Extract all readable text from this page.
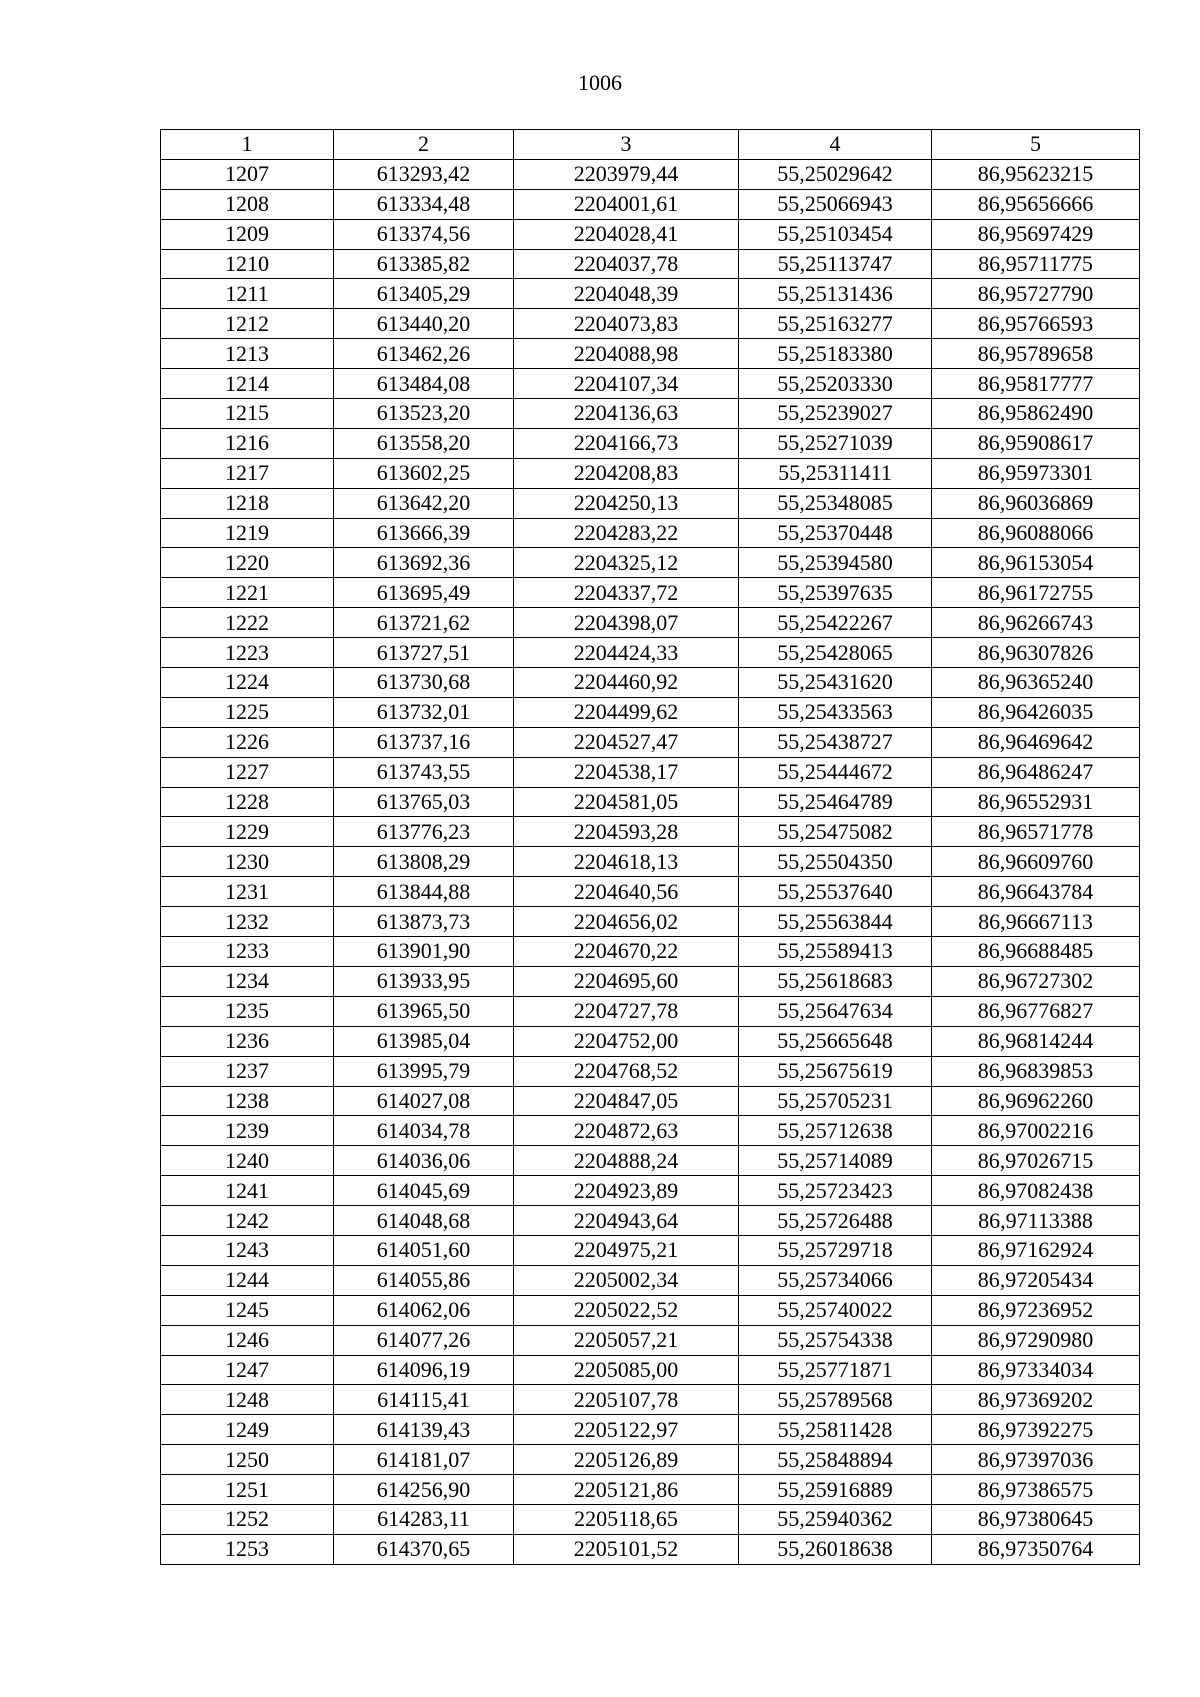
1006
1	2	3	4	5
1207	613293,42	2203979,44	55,25029642	86,95623215
1208	613334,48	2204001,61	55,25066943	86,95656666
1209	613374,56	2204028,41	55,25103454	86,95697429
1210	613385,82	2204037,78	55,25113747	86,95711775
1211	613405,29	2204048,39	55,25131436	86,95727790
1212	613440,20	2204073,83	55,25163277	86,95766593
1213	613462,26	2204088,98	55,25183380	86,95789658
1214	613484,08	2204107,34	55,25203330	86,95817777
1215	613523,20	2204136,63	55,25239027	86,95862490
1216	613558,20	2204166,73	55,25271039	86,95908617
1217	613602,25	2204208,83	55,25311411	86,95973301
1218	613642,20	2204250,13	55,25348085	86,96036869
1219	613666,39	2204283,22	55,25370448	86,96088066
1220	613692,36	2204325,12	55,25394580	86,96153054
1221	613695,49	2204337,72	55,25397635	86,96172755
1222	613721,62	2204398,07	55,25422267	86,96266743
1223	613727,51	2204424,33	55,25428065	86,96307826
1224	613730,68	2204460,92	55,25431620	86,96365240
1225	613732,01	2204499,62	55,25433563	86,96426035
1226	613737,16	2204527,47	55,25438727	86,96469642
1227	613743,55	2204538,17	55,25444672	86,96486247
1228	613765,03	2204581,05	55,25464789	86,96552931
1229	613776,23	2204593,28	55,25475082	86,96571778
1230	613808,29	2204618,13	55,25504350	86,96609760
1231	613844,88	2204640,56	55,25537640	86,96643784
1232	613873,73	2204656,02	55,25563844	86,96667113
1233	613901,90	2204670,22	55,25589413	86,96688485
1234	613933,95	2204695,60	55,25618683	86,96727302
1235	613965,50	2204727,78	55,25647634	86,96776827
1236	613985,04	2204752,00	55,25665648	86,96814244
1237	613995,79	2204768,52	55,25675619	86,96839853
1238	614027,08	2204847,05	55,25705231	86,96962260
1239	614034,78	2204872,63	55,25712638	86,97002216
1240	614036,06	2204888,24	55,25714089	86,97026715
1241	614045,69	2204923,89	55,25723423	86,97082438
1242	614048,68	2204943,64	55,25726488	86,97113388
1243	614051,60	2204975,21	55,25729718	86,97162924
1244	614055,86	2205002,34	55,25734066	86,97205434
1245	614062,06	2205022,52	55,25740022	86,97236952
1246	614077,26	2205057,21	55,25754338	86,97290980
1247	614096,19	2205085,00	55,25771871	86,97334034
1248	614115,41	2205107,78	55,25789568	86,97369202
1249	614139,43	2205122,97	55,25811428	86,97392275
1250	614181,07	2205126,89	55,25848894	86,97397036
1251	614256,90	2205121,86	55,25916889	86,97386575
1252	614283,11	2205118,65	55,25940362	86,97380645
1253	614370,65	2205101,52	55,26018638	86,97350764
